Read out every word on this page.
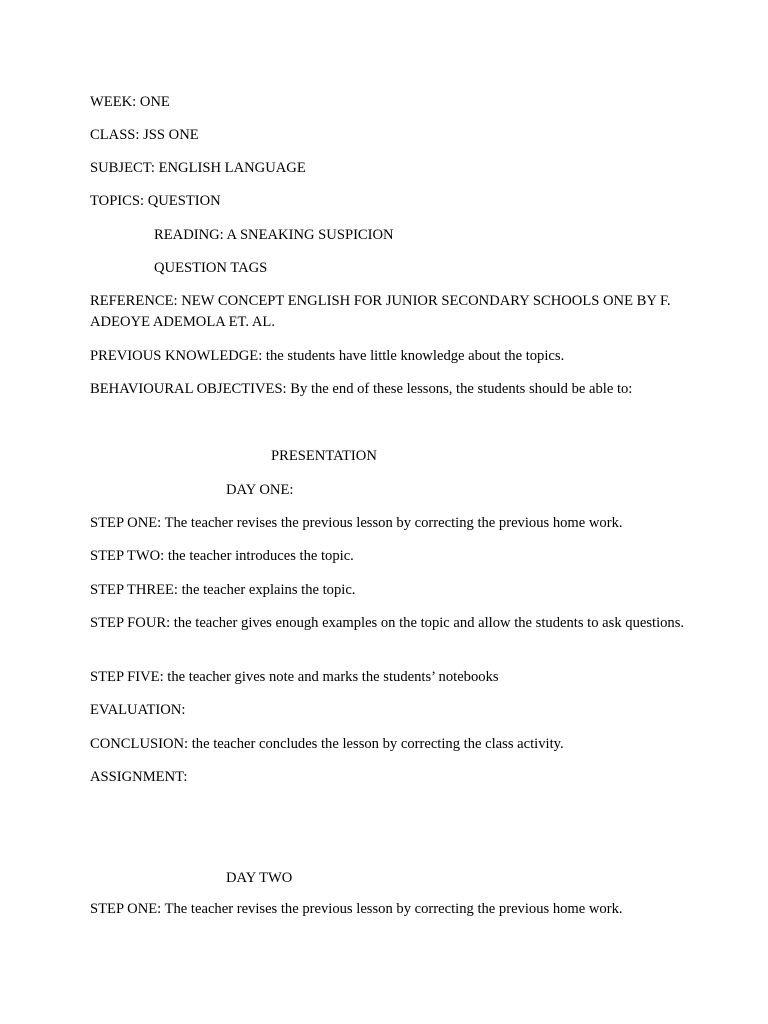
WEEK: ONE
CLASS: JSS ONE
SUBJECT: ENGLISH LANGUAGE
TOPICS: QUESTION
READING: A SNEAKING SUSPICION
QUESTION TAGS
REFERENCE: NEW CONCEPT ENGLISH FOR JUNIOR SECONDARY SCHOOLS ONE BY F. ADEOYE ADEMOLA ET. AL.
PREVIOUS KNOWLEDGE: the students have little knowledge about the topics.
BEHAVIOURAL OBJECTIVES: By the end of these lessons, the students should be able to:
PRESENTATION
DAY ONE:
STEP ONE: The teacher revises the previous lesson by correcting the previous home work.
STEP TWO: the teacher introduces the topic.
STEP THREE: the teacher explains the topic.
STEP FOUR: the teacher gives enough examples on the topic and allow the students to ask questions.
STEP FIVE: the teacher gives note and marks the students’ notebooks
EVALUATION:
CONCLUSION: the teacher concludes the lesson by correcting the class activity.
ASSIGNMENT:
DAY TWO
STEP ONE: The teacher revises the previous lesson by correcting the previous home work.
